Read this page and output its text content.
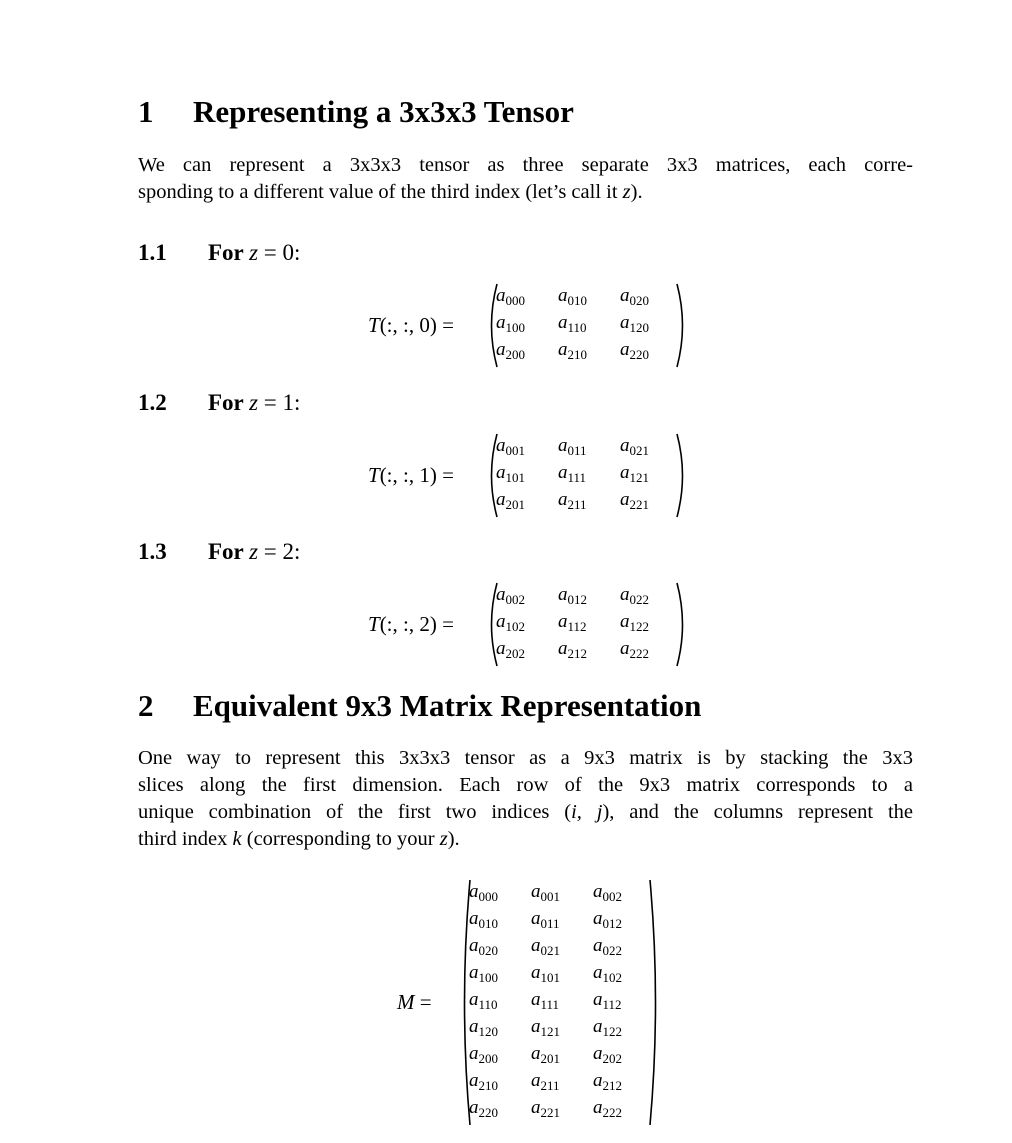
1 Representing a 3x3x3 Tensor

We can represent a 3x3x3 tensor as three separate 3x3 matrices, each corre-
sponding to a different value of the third index (let’s call it z).

1.1 For z = 0:
T(:, :, 0) =
$a_{000}$ $a_{010}$ $a_{020}$
$a_{100}$ $a_{110}$ $a_{120}$
$a_{200}$ $a_{210}$ $a_{220}$
1.2 For z = 1:
T(:, :, 1) =
$a_{001}$ $a_{011}$ $a_{021}$
$a_{101}$ $a_{111}$ $a_{121}$
$a_{201}$ $a_{211}$ $a_{221}$
1.3 For z = 2:
T(:, :, 2) =
$a_{002}$ $a_{012}$ $a_{022}$
$a_{102}$ $a_{112}$ $a_{122}$
$a_{202}$ $a_{212}$ $a_{222}$
2 Equivalent 9x3 Matrix Representation

One way to represent this 3x3x3 tensor as a 9x3 matrix is by stacking the 3x3
slices along the first dimension. Each row of the 9x3 matrix corresponds to a
unique combination of the first two indices (i, j), and the columns represent the
third index k (corresponding to your z).

M =
$a_{000}$ $a_{001}$ $a_{002}$
$a_{010}$ $a_{011}$ $a_{012}$
$a_{020}$ $a_{021}$ $a_{022}$
$a_{100}$ $a_{101}$ $a_{102}$
$a_{110}$ $a_{111}$ $a_{112}$
$a_{120}$ $a_{121}$ $a_{122}$
$a_{200}$ $a_{201}$ $a_{202}$
$a_{210}$ $a_{211}$ $a_{212}$
$a_{220}$ $a_{221}$ $a_{222}$
